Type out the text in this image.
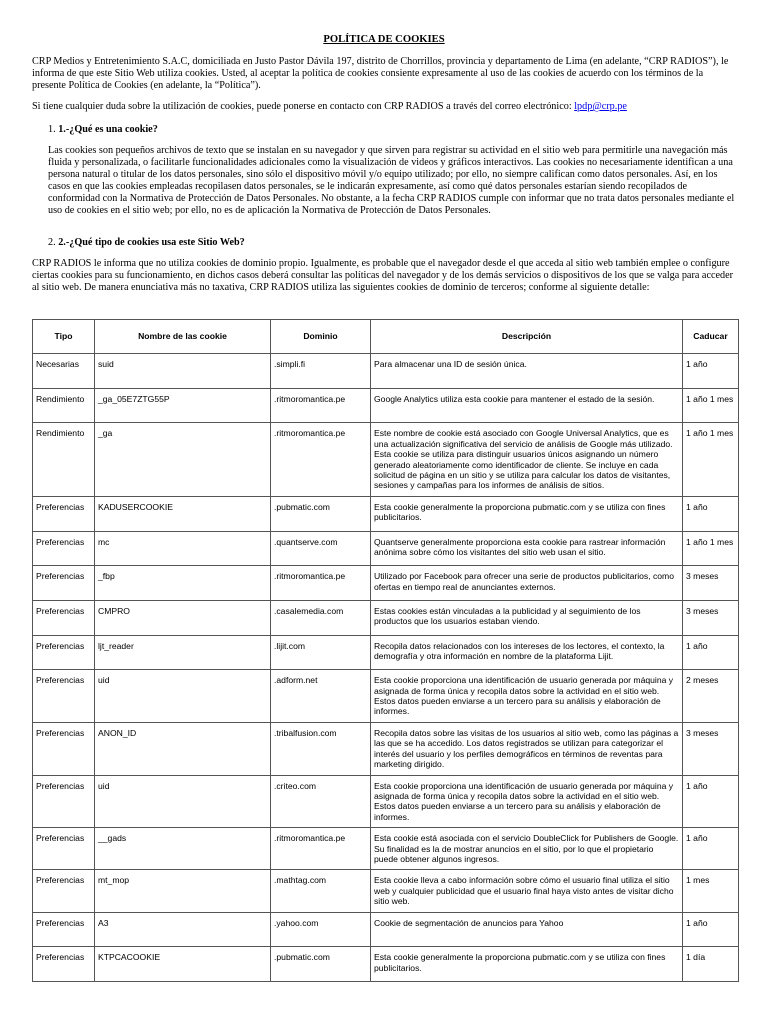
POLÍTICA DE COOKIES

CRP Medios y Entretenimiento S.A.C, domiciliada en Justo Pastor Dávila 197, distrito de Chorrillos, provincia y departamento de Lima (en adelante, “CRP RADIOS”), le informa de que este Sitio Web utiliza cookies. Usted, al aceptar la política de cookies consiente expresamente al uso de las cookies de acuerdo con los términos de la presente Política de Cookies (en adelante, la “Política”).

Si tiene cualquier duda sobre la utilización de cookies, puede ponerse en contacto con CRP RADIOS a través del correo electrónico: lpdp@crp.pe

1. 1.-¿Qué es una cookie?

Las cookies son pequeños archivos de texto que se instalan en su navegador y que sirven para registrar su actividad en el sitio web para permitirle una navegación más fluida y personalizada, o facilitarle funcionalidades adicionales como la visualización de videos y gráficos interactivos. Las cookies no necesariamente identifican a una persona natural o titular de los datos personales, sino sólo el dispositivo móvil y/o equipo utilizado; por ello, no siempre califican como datos personales. Así, en los casos en que las cookies empleadas recopilasen datos personales, se le indicarán expresamente, así como qué datos personales estarían siendo recopilados de conformidad con la Normativa de Protección de Datos Personales. No obstante, a la fecha CRP RADIOS cumple con informar que no trata datos personales mediante el uso de cookies en el sitio web; por ello, no es de aplicación la Normativa de Protección de Datos Personales.

2. 2.-¿Qué tipo de cookies usa este Sitio Web?

CRP RADIOS le informa que no utiliza cookies de dominio propio. Igualmente, es probable que el navegador desde el que acceda al sitio web también emplee o configure ciertas cookies para su funcionamiento, en dichos casos deberá consultar las políticas del navegador y de los demás servicios o dispositivos de los que se valga para acceder al sitio web. De manera enunciativa más no taxativa, CRP RADIOS utiliza las siguientes cookies de dominio de terceros; conforme al siguiente detalle:

Tipo	Nombre de las cookie	Dominio	Descripción	Caducar
Necesarias	suid	.simpli.fi	Para almacenar una ID de sesión única.	1 año
Rendimiento	_ga_05E7ZTG55P	.ritmoromantica.pe	Google Analytics utiliza esta cookie para mantener el estado de la sesión.	1 año 1 mes
Rendimiento	_ga	.ritmoromantica.pe	Este nombre de cookie está asociado con Google Universal Analytics, que es una actualización significativa del servicio de análisis de Google más utilizado. Esta cookie se utiliza para distinguir usuarios únicos asignando un número generado aleatoriamente como identificador de cliente. Se incluye en cada solicitud de página en un sitio y se utiliza para calcular los datos de visitantes, sesiones y campañas para los informes de análisis de sitios.	1 año 1 mes
Preferencias	KADUSERCOOKIE	.pubmatic.com	Esta cookie generalmente la proporciona pubmatic.com y se utiliza con fines publicitarios.	1 año
Preferencias	mc	.quantserve.com	Quantserve generalmente proporciona esta cookie para rastrear información anónima sobre cómo los visitantes del sitio web usan el sitio.	1 año 1 mes
Preferencias	_fbp	.ritmoromantica.pe	Utilizado por Facebook para ofrecer una serie de productos publicitarios, como ofertas en tiempo real de anunciantes externos.	3 meses
Preferencias	CMPRO	.casalemedia.com	Estas cookies están vinculadas a la publicidad y al seguimiento de los productos que los usuarios estaban viendo.	3 meses
Preferencias	ljt_reader	.lijit.com	Recopila datos relacionados con los intereses de los lectores, el contexto, la demografía y otra información en nombre de la plataforma Lijit.	1 año
Preferencias	uid	.adform.net	Esta cookie proporciona una identificación de usuario generada por máquina y asignada de forma única y recopila datos sobre la actividad en el sitio web. Estos datos pueden enviarse a un tercero para su análisis y elaboración de informes.	2 meses
Preferencias	ANON_ID	.tribalfusion.com	Recopila datos sobre las visitas de los usuarios al sitio web, como las páginas a las que se ha accedido. Los datos registrados se utilizan para categorizar el interés del usuario y los perfiles demográficos en términos de reventas para marketing dirigido.	3 meses
Preferencias	uid	.criteo.com	Esta cookie proporciona una identificación de usuario generada por máquina y asignada de forma única y recopila datos sobre la actividad en el sitio web. Estos datos pueden enviarse a un tercero para su análisis y elaboración de informes.	1 año
Preferencias	__gads	.ritmoromantica.pe	Esta cookie está asociada con el servicio DoubleClick for Publishers de Google. Su finalidad es la de mostrar anuncios en el sitio, por lo que el propietario puede obtener algunos ingresos.	1 año
Preferencias	mt_mop	.mathtag.com	Esta cookie lleva a cabo información sobre cómo el usuario final utiliza el sitio web y cualquier publicidad que el usuario final haya visto antes de visitar dicho sitio web.	1 mes
Preferencias	A3	.yahoo.com	Cookie de segmentación de anuncios para Yahoo	1 año
Preferencias	KTPCACOOKIE	.pubmatic.com	Esta cookie generalmente la proporciona pubmatic.com y se utiliza con fines publicitarios.	1 día
